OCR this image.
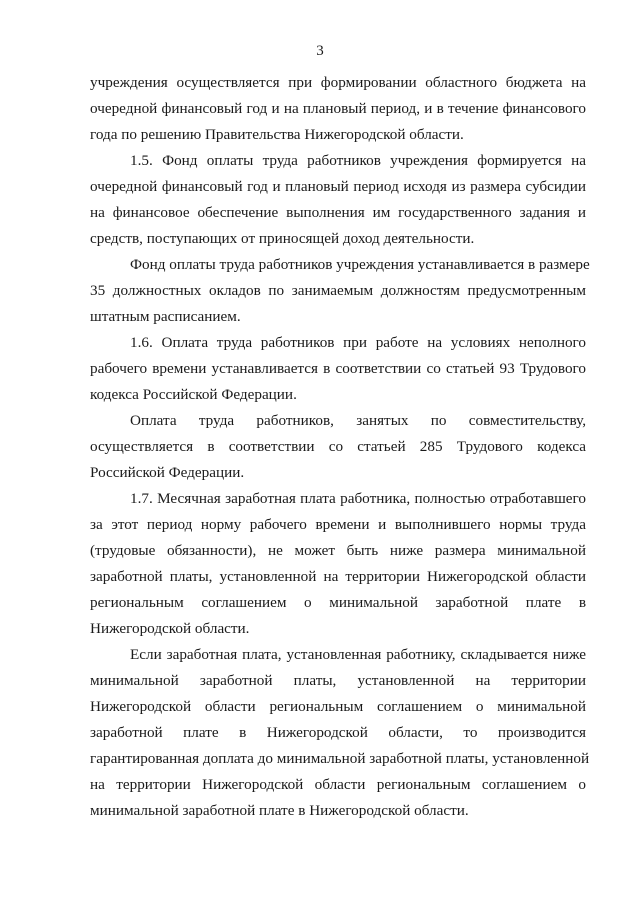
3
учреждения осуществляется при формировании областного бюджета на
очередной финансовый год и на плановый период, и в течение финансового
года по решению Правительства Нижегородской области.
1.5. Фонд оплаты труда работников учреждения формируется на
очередной финансовый год и плановый период исходя из размера субсидии
на финансовое обеспечение выполнения им государственного задания и
средств, поступающих от приносящей доход деятельности.
Фонд оплаты труда работников учреждения устанавливается в размере
35 должностных окладов по занимаемым должностям предусмотренным
штатным расписанием.
1.6. Оплата труда работников при работе на условиях неполного
рабочего времени устанавливается в соответствии со статьей 93 Трудового
кодекса Российской Федерации.
Оплата труда работников, занятых по совместительству,
осуществляется в соответствии со статьей 285 Трудового кодекса
Российской Федерации.
1.7. Месячная заработная плата работника, полностью отработавшего
за этот период норму рабочего времени и выполнившего нормы труда
(трудовые обязанности), не может быть ниже размера минимальной
заработной платы, установленной на территории Нижегородской области
региональным соглашением о минимальной заработной плате в
Нижегородской области.
Если заработная плата, установленная работнику, складывается ниже
минимальной заработной платы, установленной на территории
Нижегородской области региональным соглашением о минимальной
заработной плате в Нижегородской области, то производится
гарантированная доплата до минимальной заработной платы, установленной
на территории Нижегородской области региональным соглашением о
минимальной заработной плате в Нижегородской области.
